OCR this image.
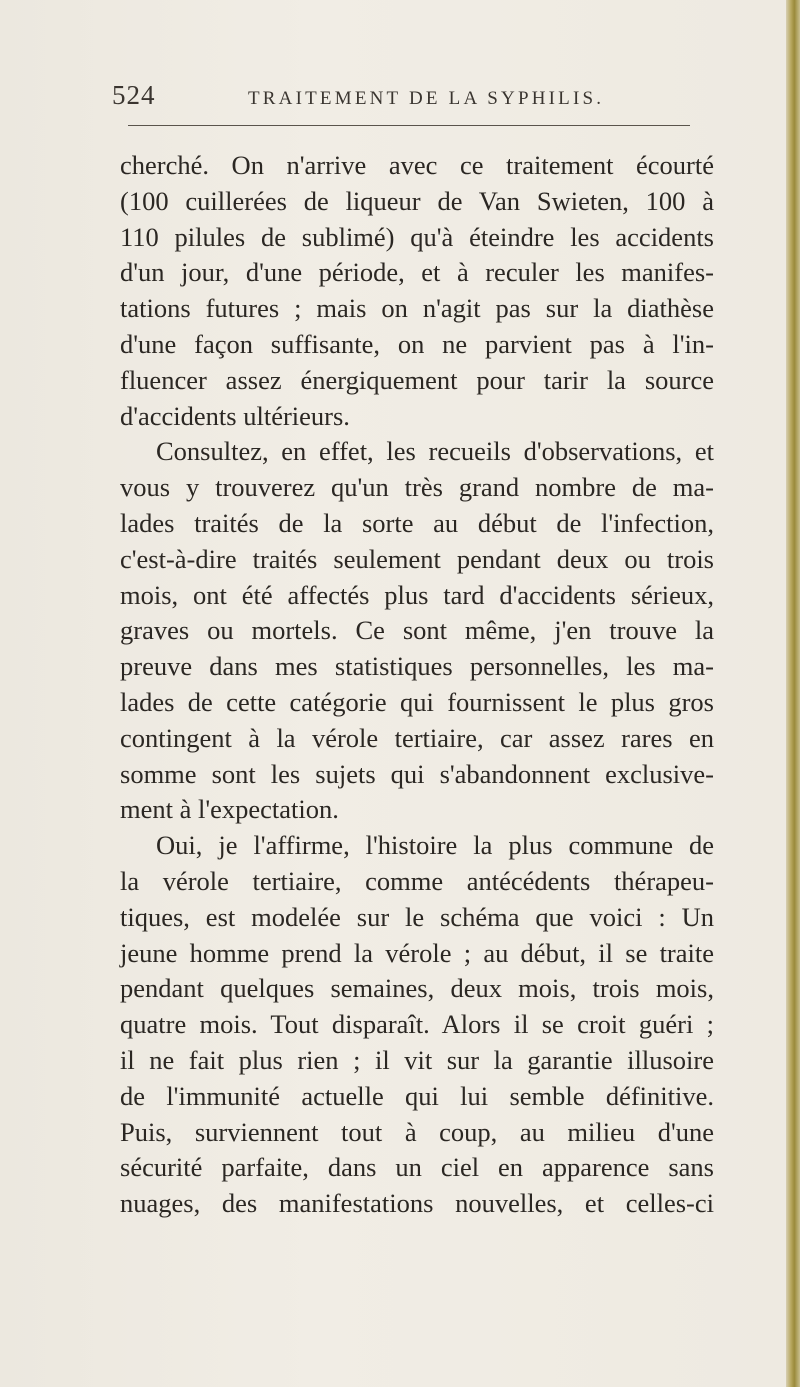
524	TRAITEMENT DE LA SYPHILIS.
cherché. On n'arrive avec ce traitement écourté
(100 cuillerées de liqueur de Van Swieten, 100 à
110 pilules de sublimé) qu'à éteindre les accidents
d'un jour, d'une période, et à reculer les manifes-
tations futures ; mais on n'agit pas sur la diathèse
d'une façon suffisante, on ne parvient pas à l'in-
fluencer assez énergiquement pour tarir la source
d'accidents ultérieurs.
Consultez, en effet, les recueils d'observations, et
vous y trouverez qu'un très grand nombre de ma-
lades traités de la sorte au début de l'infection,
c'est-à-dire traités seulement pendant deux ou trois
mois, ont été affectés plus tard d'accidents sérieux,
graves ou mortels. Ce sont même, j'en trouve la
preuve dans mes statistiques personnelles, les ma-
lades de cette catégorie qui fournissent le plus gros
contingent à la vérole tertiaire, car assez rares en
somme sont les sujets qui s'abandonnent exclusive-
ment à l'expectation.
Oui, je l'affirme, l'histoire la plus commune de
la vérole tertiaire, comme antécédents thérapeu-
tiques, est modelée sur le schéma que voici : Un
jeune homme prend la vérole ; au début, il se traite
pendant quelques semaines, deux mois, trois mois,
quatre mois. Tout disparaît. Alors il se croit guéri ;
il ne fait plus rien ; il vit sur la garantie illusoire
de l'immunité actuelle qui lui semble définitive.
Puis, surviennent tout à coup, au milieu d'une
sécurité parfaite, dans un ciel en apparence sans
nuages, des manifestations nouvelles, et celles-ci
